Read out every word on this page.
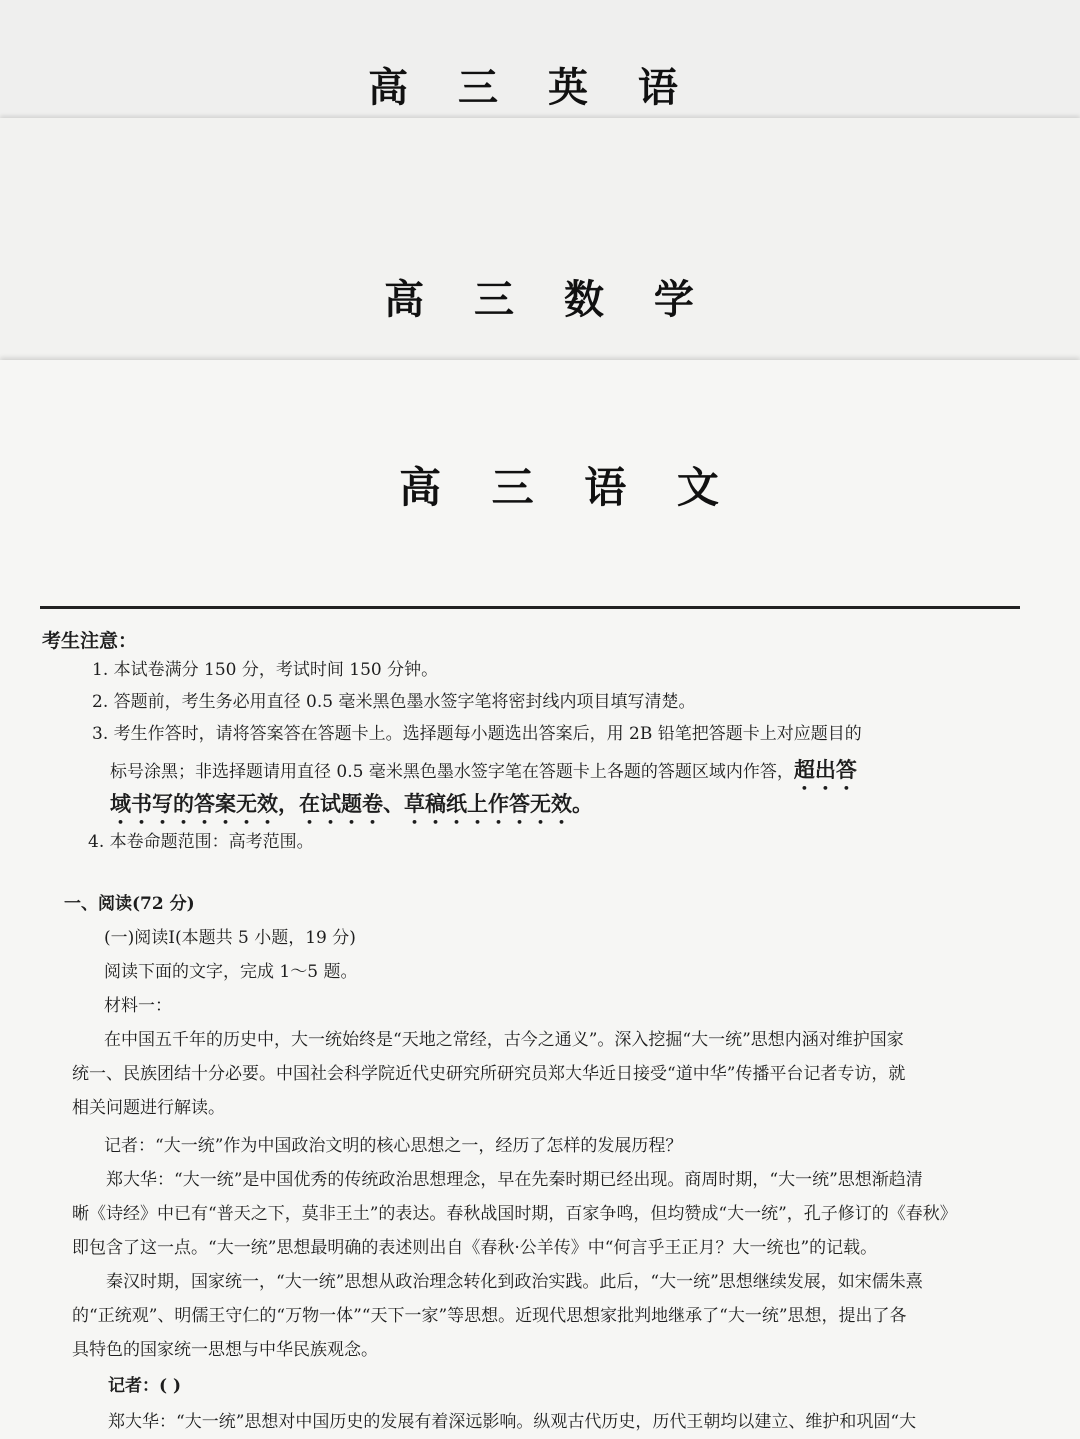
高 三 英 语
高 三 数 学
高 三 语 文
考生注意：
1. 本试卷满分 150 分，考试时间 150 分钟。
2. 答题前，考生务必用直径 0.5 毫米黑色墨水签字笔将密封线内项目填写清楚。
3. 考生作答时，请将答案答在答题卡上。选择题每小题选出答案后，用 2B 铅笔把答题卡上对应题目的
标号涂黑；非选择题请用直径 0.5 毫米黑色墨水签字笔在答题卡上各题的答题区域内作答，超出答
域书写的答案无效，在试题卷、草稿纸上作答无效。
4. 本卷命题范围：高考范围。
一、阅读(72 分)
(一)阅读Ⅰ(本题共 5 小题，19 分)
阅读下面的文字，完成 1～5 题。
材料一：
在中国五千年的历史中，大一统始终是“天地之常经，古今之通义”。深入挖掘“大一统”思想内涵对维护国家
统一、民族团结十分必要。中国社会科学院近代史研究所研究员郑大华近日接受“道中华”传播平台记者专访，就
相关问题进行解读。
记者：“大一统”作为中国政治文明的核心思想之一，经历了怎样的发展历程？
郑大华：“大一统”是中国优秀的传统政治思想理念，早在先秦时期已经出现。商周时期，“大一统”思想渐趋清
晰《诗经》中已有“普天之下，莫非王土”的表达。春秋战国时期，百家争鸣，但均赞成“大一统”，孔子修订的《春秋》
即包含了这一点。“大一统”思想最明确的表述则出自《春秋·公羊传》中“何言乎王正月？大一统也”的记载。
秦汉时期，国家统一，“大一统”思想从政治理念转化到政治实践。此后，“大一统”思想继续发展，如宋儒朱熹
的“正统观”、明儒王守仁的“万物一体”“天下一家”等思想。近现代思想家批判地继承了“大一统”思想，提出了各
具特色的国家统一思想与中华民族观念。
记者：( )
郑大华：“大一统”思想对中国历史的发展有着深远影响。纵观古代历史，历代王朝均以建立、维护和巩固“大
